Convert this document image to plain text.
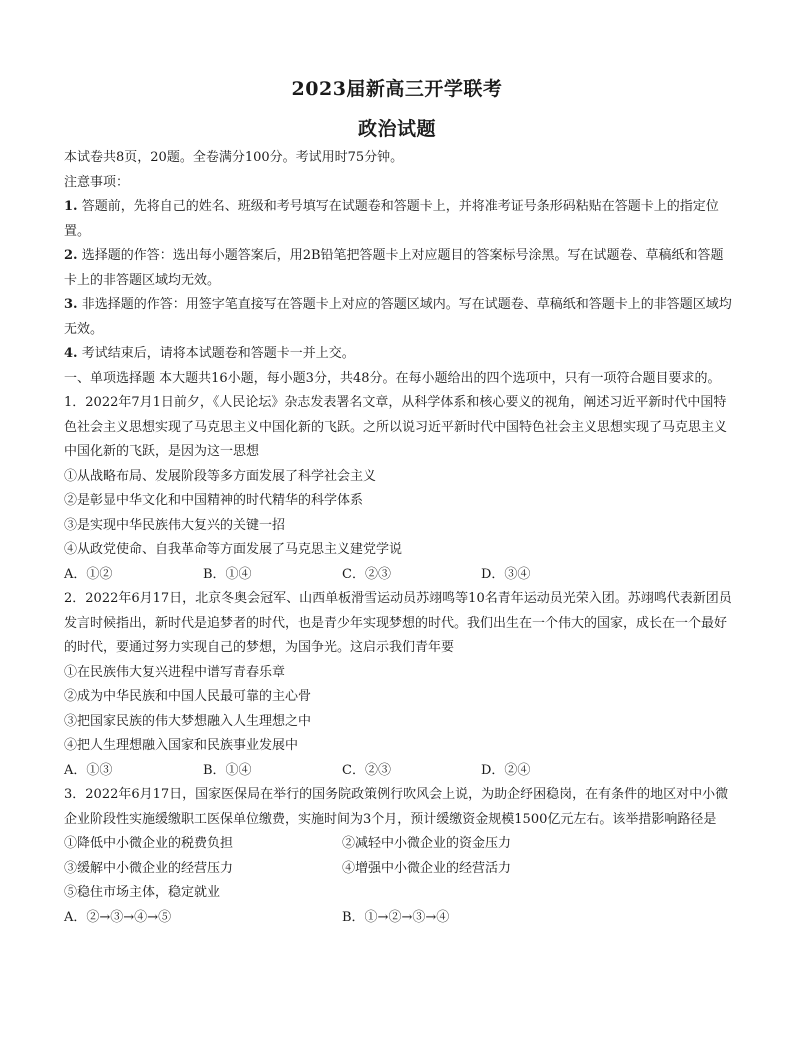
2023届新高三开学联考
政治试题
本试卷共8页，20题。全卷满分100分。考试用时75分钟。
注意事项：
1. 答题前，先将自己的姓名、班级和考号填写在试题卷和答题卡上，并将准考证号条形码粘贴在答题卡上的指定位置。
2. 选择题的作答：选出每小题答案后，用2B铅笔把答题卡上对应题目的答案标号涂黑。写在试题卷、草稿纸和答题卡上的非答题区域均无效。
3. 非选择题的作答：用签字笔直接写在答题卡上对应的答题区域内。写在试题卷、草稿纸和答题卡上的非答题区域均无效。
4. 考试结束后，请将本试题卷和答题卡一并上交。
一、单项选择题 本大题共16小题，每小题3分，共48分。在每小题给出的四个选项中，只有一项符合题目要求的。
1．2022年7月1日前夕，《人民论坛》杂志发表署名文章，从科学体系和核心要义的视角，阐述习近平新时代中国特色社会主义思想实现了马克思主义中国化新的飞跃。之所以说习近平新时代中国特色社会主义思想实现了马克思主义中国化新的飞跃，是因为这一思想
①从战略布局、发展阶段等多方面发展了科学社会主义
②是彰显中华文化和中国精神的时代精华的科学体系
③是实现中华民族伟大复兴的关键一招
④从政党使命、自我革命等方面发展了马克思主义建党学说
A．①②	B．①④	C．②③	D．③④
2．2022年6月17日，北京冬奥会冠军、山西单板滑雪运动员苏翊鸣等10名青年运动员光荣入团。苏翊鸣代表新团员发言时候指出，新时代是追梦者的时代，也是青少年实现梦想的时代。我们出生在一个伟大的国家，成长在一个最好的时代，要通过努力实现自己的梦想，为国争光。这启示我们青年要
①在民族伟大复兴进程中谱写青春乐章
②成为中华民族和中国人民最可靠的主心骨
③把国家民族的伟大梦想融入人生理想之中
④把人生理想融入国家和民族事业发展中
A．①③	B．①④	C．②③	D．②④
3．2022年6月17日，国家医保局在举行的国务院政策例行吹风会上说，为助企纾困稳岗，在有条件的地区对中小微企业阶段性实施缓缴职工医保单位缴费，实施时间为3个月，预计缓缴资金规模1500亿元左右。该举措影响路径是
①降低中小微企业的税费负担	②减轻中小微企业的资金压力
③缓解中小微企业的经营压力	④增强中小微企业的经营活力
⑤稳住市场主体，稳定就业
A．②→③→④→⑤	B．①→②→③→④
